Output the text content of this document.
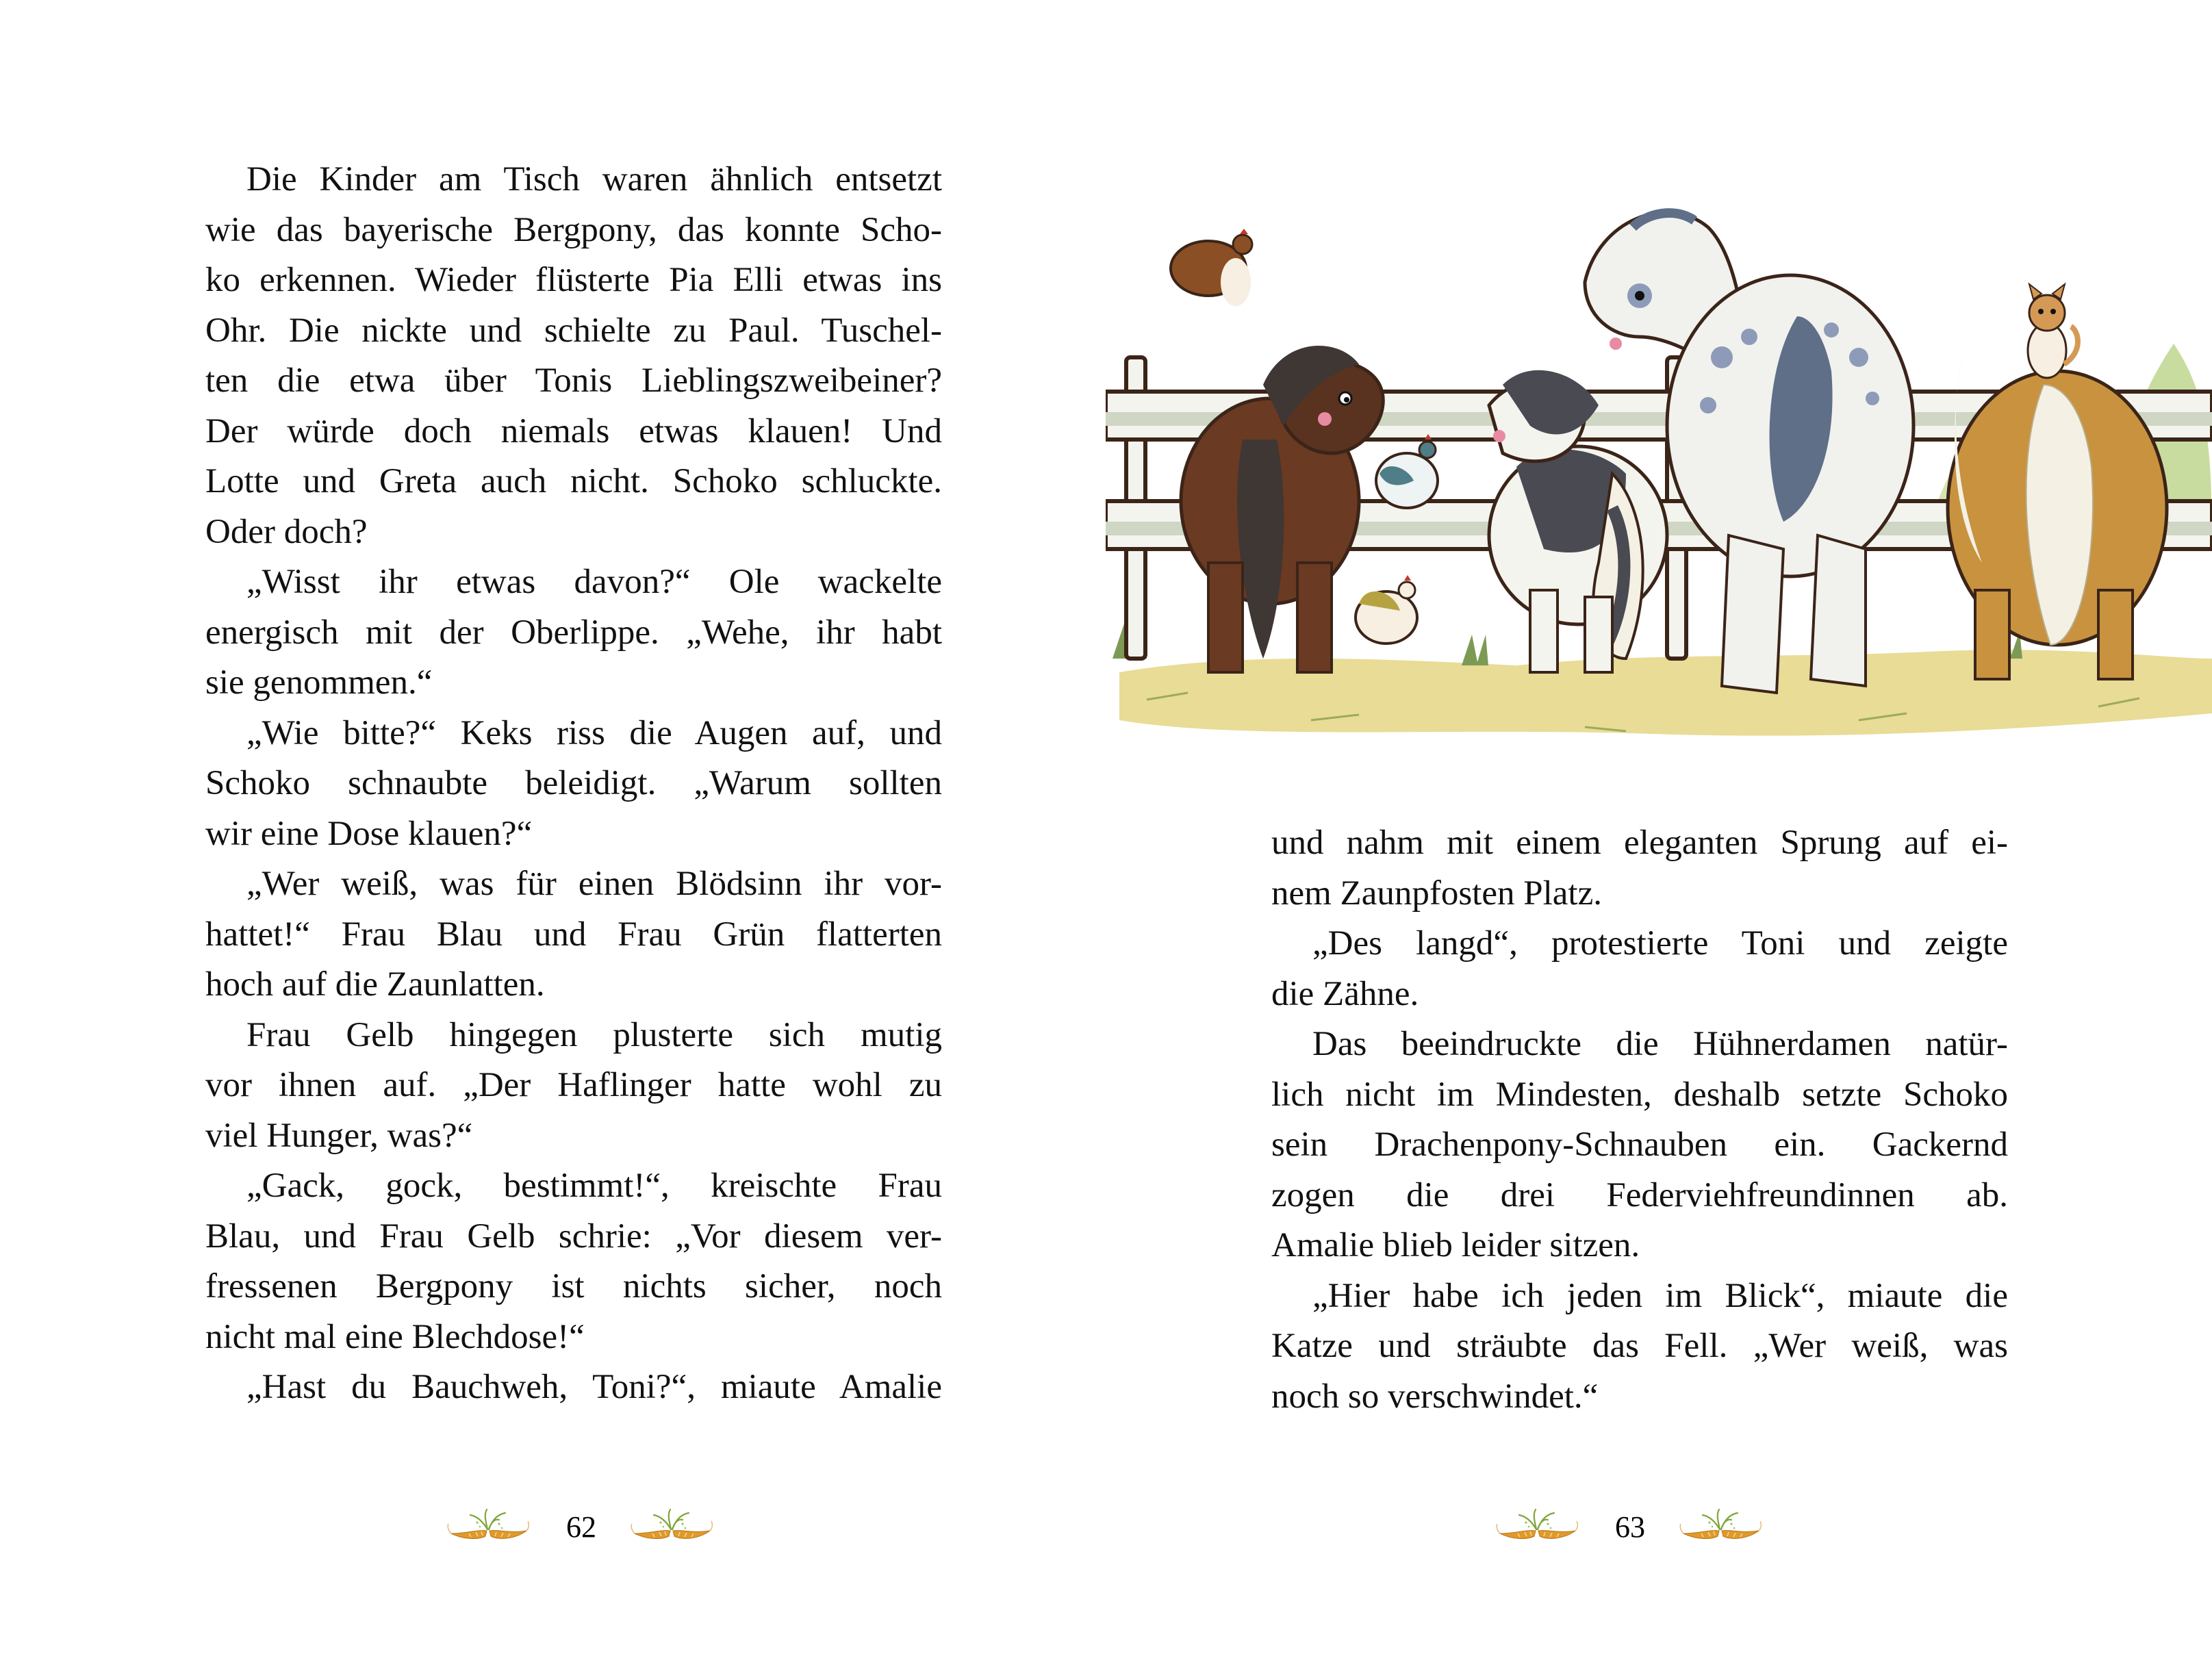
Die Kinder am Tisch waren ähnlich entsetzt
wie das bayerische Bergpony, das konnte Scho-
ko erkennen. Wieder flüsterte Pia Elli etwas ins
Ohr. Die nickte und schielte zu Paul. Tuschel-
ten die etwa über Tonis Lieblingszweibeiner?
Der würde doch niemals etwas klauen! Und
Lotte und Greta auch nicht. Schoko schluckte.
Oder doch?

„Wisst ihr etwas davon?“ Ole wackelte
energisch mit der Oberlippe. „Wehe, ihr habt
sie genommen.“

„Wie bitte?“ Keks riss die Augen auf, und
Schoko schnaubte beleidigt. „Warum sollten
wir eine Dose klauen?“

„Wer weiß, was für einen Blödsinn ihr vor-
hattet!“ Frau Blau und Frau Grün flatterten
hoch auf die Zaunlatten.

Frau Gelb hingegen plusterte sich mutig
vor ihnen auf. „Der Haflinger hatte wohl zu
viel Hunger, was?“

„Gack, gock, bestimmt!“, kreischte Frau
Blau, und Frau Gelb schrie: „Vor diesem ver-
fressenen Bergpony ist nichts sicher, noch
nicht mal eine Blechdose!“

„Hast du Bauchweh, Toni?“, miaute Amalie

62

und nahm mit einem eleganten Sprung auf ei-
nem Zaunpfosten Platz.

„Des langd“, protestierte Toni und zeigte
die Zähne.

Das beeindruckte die Hühnerdamen natür-
lich nicht im Mindesten, deshalb setzte Schoko
sein Drachenpony-Schnauben ein. Gackernd
zogen die drei Federviehfreundinnen ab.
Amalie blieb leider sitzen.

„Hier habe ich jeden im Blick“, miaute die
Katze und sträubte das Fell. „Wer weiß, was
noch so verschwindet.“

63
